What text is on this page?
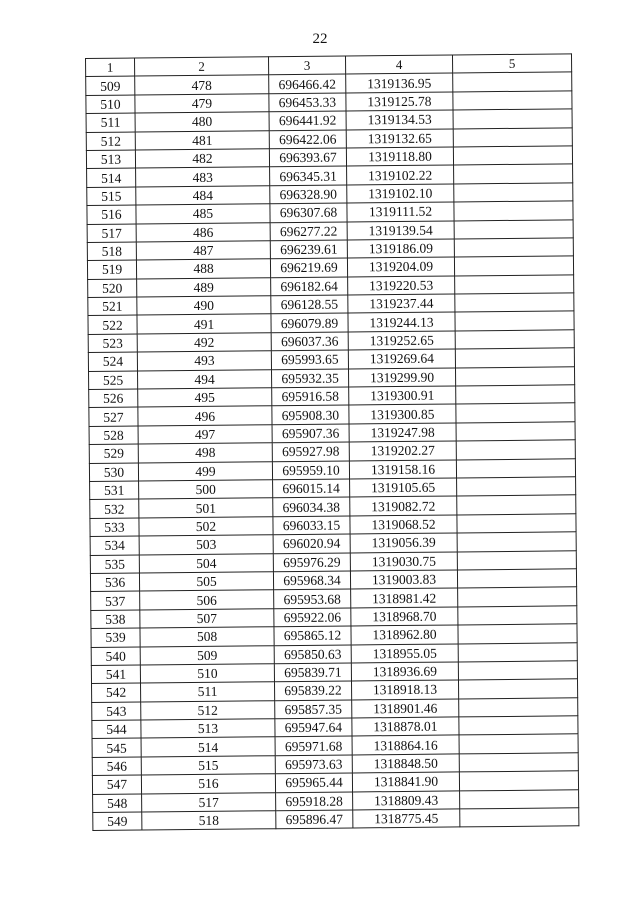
22
1	2	3	4	5
509	478	696466.42	1319136.95	
510	479	696453.33	1319125.78	
511	480	696441.92	1319134.53	
512	481	696422.06	1319132.65	
513	482	696393.67	1319118.80	
514	483	696345.31	1319102.22	
515	484	696328.90	1319102.10	
516	485	696307.68	1319111.52	
517	486	696277.22	1319139.54	
518	487	696239.61	1319186.09	
519	488	696219.69	1319204.09	
520	489	696182.64	1319220.53	
521	490	696128.55	1319237.44	
522	491	696079.89	1319244.13	
523	492	696037.36	1319252.65	
524	493	695993.65	1319269.64	
525	494	695932.35	1319299.90	
526	495	695916.58	1319300.91	
527	496	695908.30	1319300.85	
528	497	695907.36	1319247.98	
529	498	695927.98	1319202.27	
530	499	695959.10	1319158.16	
531	500	696015.14	1319105.65	
532	501	696034.38	1319082.72	
533	502	696033.15	1319068.52	
534	503	696020.94	1319056.39	
535	504	695976.29	1319030.75	
536	505	695968.34	1319003.83	
537	506	695953.68	1318981.42	
538	507	695922.06	1318968.70	
539	508	695865.12	1318962.80	
540	509	695850.63	1318955.05	
541	510	695839.71	1318936.69	
542	511	695839.22	1318918.13	
543	512	695857.35	1318901.46	
544	513	695947.64	1318878.01	
545	514	695971.68	1318864.16	
546	515	695973.63	1318848.50	
547	516	695965.44	1318841.90	
548	517	695918.28	1318809.43	
549	518	695896.47	1318775.45	
